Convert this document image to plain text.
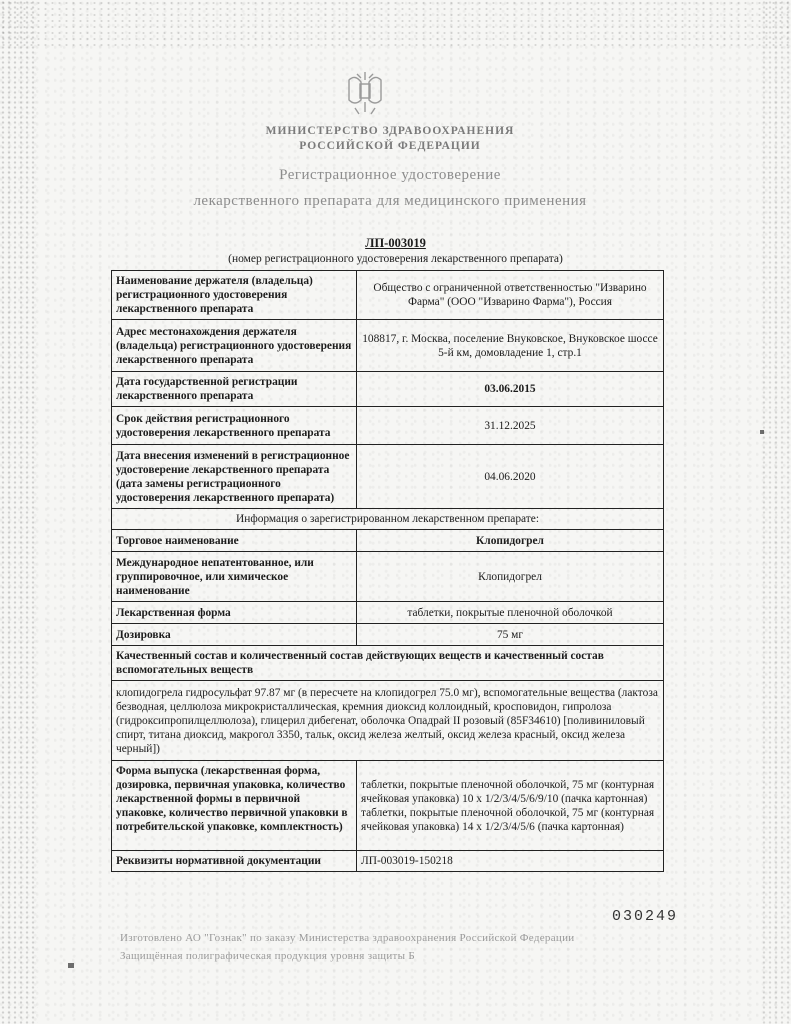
МИНИСТЕРСТВО ЗДРАВООХРАНЕНИЯ
РОССИЙСКОЙ ФЕДЕРАЦИИ
Регистрационное удостоверение
лекарственного препарата для медицинского применения
ЛП-003019
(номер регистрационного удостоверения лекарственного препарата)
Наименование держателя (владельца) регистрационного удостоверения лекарственного препарата	Общество с ограниченной ответственностью "Изварино Фарма" (ООО "Изварино Фарма"), Россия
Адрес местонахождения держателя (владельца) регистрационного удостоверения лекарственного препарата	108817, г. Москва, поселение Внуковское, Внуковское шоссе 5-й км, домовладение 1, стр.1
Дата государственной регистрации лекарственного препарата	03.06.2015
Срок действия регистрационного удостоверения лекарственного препарата	31.12.2025
Дата внесения изменений в регистрационное удостоверение лекарственного препарата (дата замены регистрационного удостоверения лекарственного препарата)	04.06.2020
Информация о зарегистрированном лекарственном препарате:	
Торговое наименование	Клопидогрел
Международное непатентованное, или группировочное, или химическое наименование	Клопидогрел
Лекарственная форма	таблетки, покрытые пленочной оболочкой
Дозировка	75 мг
Качественный состав и количественный состав действующих веществ и качественный состав вспомогательных веществ	
клопидогрела гидросульфат 97.87 мг (в пересчете на клопидогрел 75.0 мг), вспомогательные вещества (лактоза безводная, целлюлоза микрокристаллическая, кремния диоксид коллоидный, кросповидон, гипролоза (гидроксипропилцеллюлоза), глицерил дибегенат, оболочка Опадрай II розовый (85F34610) [поливиниловый спирт, титана диоксид, макрогол 3350, тальк, оксид железа желтый, оксид железа красный, оксид железа черный])	
Форма выпуска (лекарственная форма, дозировка, первичная упаковка, количество лекарственной формы в первичной упаковке, количество первичной упаковки в потребительской упаковке, комплектность)	таблетки, покрытые пленочной оболочкой, 75 мг (контурная ячейковая упаковка) 10 x 1/2/3/4/5/6/9/10 (пачка картонная)
таблетки, покрытые пленочной оболочкой, 75 мг (контурная ячейковая упаковка) 14 x 1/2/3/4/5/6 (пачка картонная)

Реквизиты нормативной документации	ЛП-003019-150218
030249
Изготовлено АО "Гознак" по заказу Министерства здравоохранения Российской Федерации
Защищённая полиграфическая продукция уровня защиты Б
